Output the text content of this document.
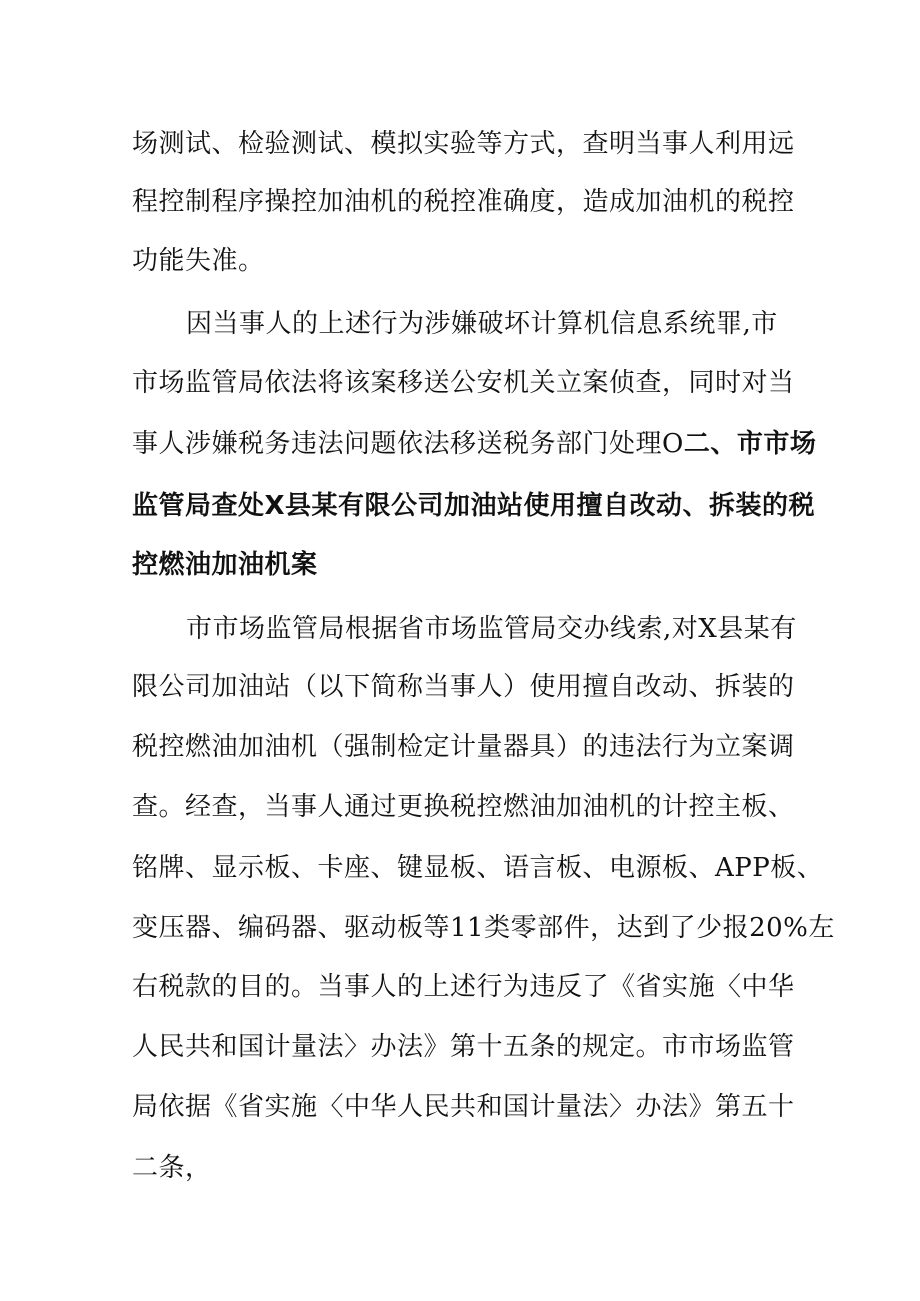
场测试、检验测试、模拟实验等方式，查明当事人利用远
程控制程序操控加油机的税控准确度，造成加油机的税控
功能失准。
因当事人的上述行为涉嫌破坏计算机信息系统罪,市
市场监管局依法将该案移送公安机关立案侦查，同时对当
事人涉嫌税务违法问题依法移送税务部门处理O二、市市场
监管局查处X县某有限公司加油站使用擅自改动、拆装的税
控燃油加油机案
市市场监管局根据省市场监管局交办线索,对X县某有
限公司加油站（以下简称当事人）使用擅自改动、拆装的
税控燃油加油机（强制检定计量器具）的违法行为立案调
查。经查，当事人通过更换税控燃油加油机的计控主板、
铭牌、显示板、卡座、键显板、语言板、电源板、APP板、
变压器、编码器、驱动板等11类零部件，达到了少报20%左
右税款的目的。当事人的上述行为违反了《省实施〈中华
人民共和国计量法〉办法》第十五条的规定。市市场监管
局依据《省实施〈中华人民共和国计量法〉办法》第五十
二条，
